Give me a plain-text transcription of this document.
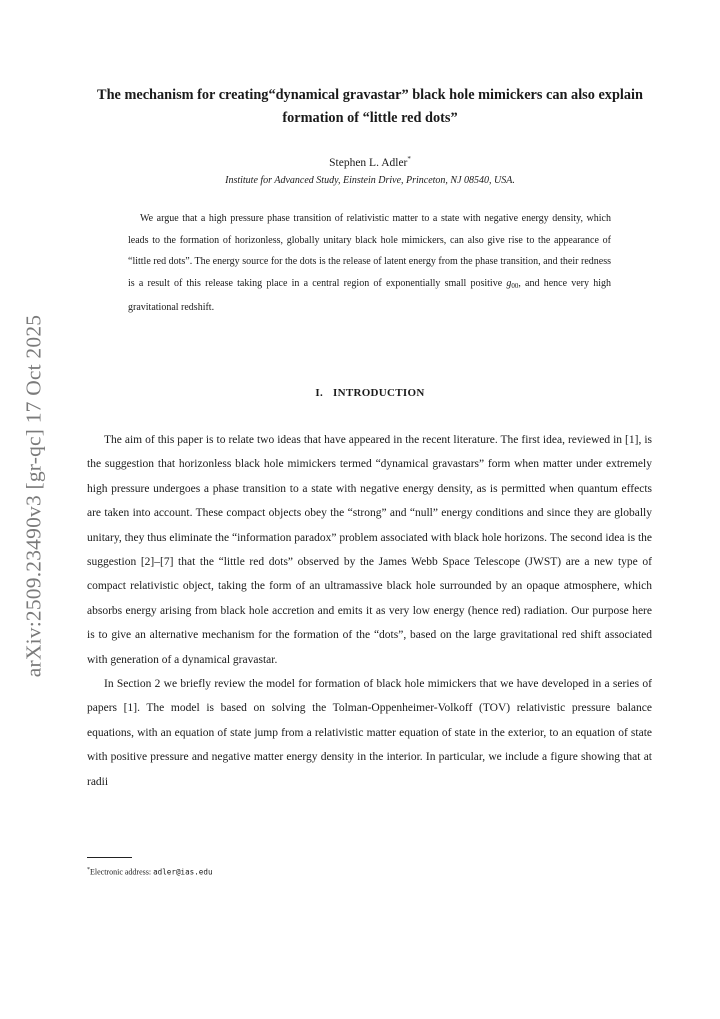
arXiv:2509.23490v3 [gr-qc] 17 Oct 2025
The mechanism for creating“dynamical gravastar” black hole mimickers can also explain formation of “little red dots”
Stephen L. Adler*
Institute for Advanced Study, Einstein Drive, Princeton, NJ 08540, USA.
We argue that a high pressure phase transition of relativistic matter to a state with negative energy density, which leads to the formation of horizonless, globally unitary black hole mimickers, can also give rise to the appearance of “little red dots”. The energy source for the dots is the release of latent energy from the phase transition, and their redness is a result of this release taking place in a central region of exponentially small positive $g_{00}$, and hence very high gravitational redshift.
I. INTRODUCTION

The aim of this paper is to relate two ideas that have appeared in the recent literature. The first idea, reviewed in [1], is the suggestion that horizonless black hole mimickers termed “dynamical gravastars” form when matter under extremely high pressure undergoes a phase transition to a state with negative energy density, as is permitted when quantum effects are taken into account. These compact objects obey the “strong” and “null” energy conditions and since they are globally unitary, they thus eliminate the “information paradox” problem associated with black hole horizons. The second idea is the suggestion [2]–[7] that the “little red dots” observed by the James Webb Space Telescope (JWST) are a new type of compact relativistic object, taking the form of an ultramassive black hole surrounded by an opaque atmosphere, which absorbs energy arising from black hole accretion and emits it as very low energy (hence red) radiation. Our purpose here is to give an alternative mechanism for the formation of the “dots”, based on the large gravitational red shift associated with generation of a dynamical gravastar.

In Section 2 we briefly review the model for formation of black hole mimickers that we have developed in a series of papers [1]. The model is based on solving the Tolman-Oppenheimer-Volkoff (TOV) relativistic pressure balance equations, with an equation of state jump from a relativistic matter equation of state in the exterior, to an equation of state with positive pressure and negative matter energy density in the interior. In particular, we include a figure showing that at radii

*Electronic address: adler@ias.edu
